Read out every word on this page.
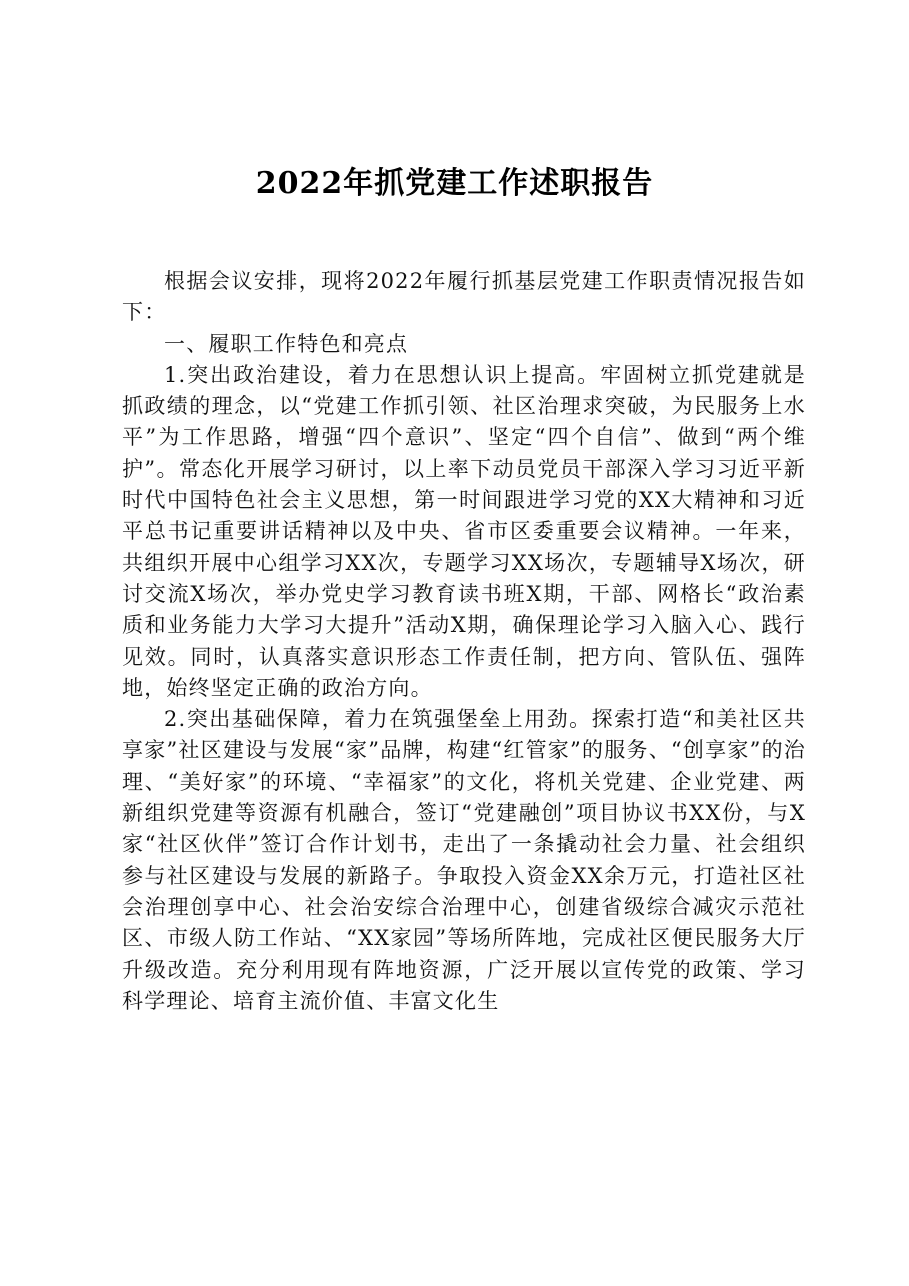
2022年抓党建工作述职报告

根据会议安排，现将2022年履行抓基层党建工作职责情况报告如下：

一、履职工作特色和亮点

1.突出政治建设，着力在思想认识上提高。牢固树立抓党建就是抓政绩的理念，以“党建工作抓引领、社区治理求突破，为民服务上水平”为工作思路，增强“四个意识”、坚定“四个自信”、做到“两个维护”。常态化开展学习研讨，以上率下动员党员干部深入学习习近平新时代中国特色社会主义思想，第一时间跟进学习党的XX大精神和习近平总书记重要讲话精神以及中央、省市区委重要会议精神。一年来，共组织开展中心组学习XX次，专题学习XX场次，专题辅导X场次，研讨交流X场次，举办党史学习教育读书班X期，干部、网格长“政治素质和业务能力大学习大提升”活动X期，确保理论学习入脑入心、践行见效。同时，认真落实意识形态工作责任制，把方向、管队伍、强阵地，始终坚定正确的政治方向。

2.突出基础保障，着力在筑强堡垒上用劲。探索打造“和美社区共享家”社区建设与发展“家”品牌，构建“红管家”的服务、“创享家”的治理、“美好家”的环境、“幸福家”的文化，将机关党建、企业党建、两新组织党建等资源有机融合，签订“党建融创”项目协议书XX份，与X家“社区伙伴”签订合作计划书，走出了一条撬动社会力量、社会组织参与社区建设与发展的新路子。争取投入资金XX余万元，打造社区社会治理创享中心、社会治安综合治理中心，创建省级综合减灾示范社区、市级人防工作站、“XX家园”等场所阵地，完成社区便民服务大厅升级改造。充分利用现有阵地资源，广泛开展以宣传党的政策、学习科学理论、培育主流价值、丰富文化生
